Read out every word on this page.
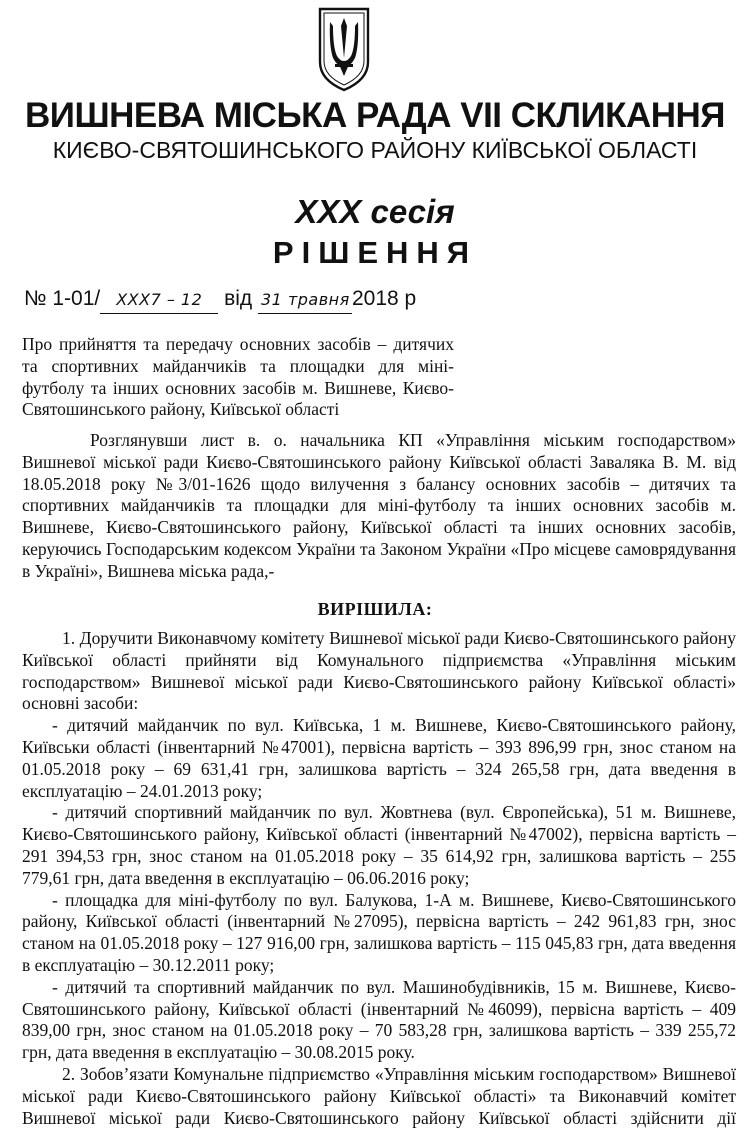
ВИШНЕВА МІСЬКА РАДА VII СКЛИКАННЯ
КИЄВО-СВЯТОШИНСЬКОГО РАЙОНУ КИЇВСЬКОЇ ОБЛАСТІ
XXX сесія
РІШЕННЯ
№ 1-01/ XXX7 – 12 від 31 травня 2018 р
Про прийняття та передачу основних засобів – дитячих та спортивних майданчиків та площадки для міні-футболу та інших основних засобів м. Вишневе, Києво-Святошинського району, Київської області

Розглянувши лист в. о. начальника КП «Управління міським господарством» Вишневої міської ради Києво-Святошинського району Київської області Заваляка В. М. від 18.05.2018 року №3/01-1626 щодо вилучення з балансу основних засобів – дитячих та спортивних майданчиків та площадки для міні-футболу та інших основних засобів м. Вишневе, Києво-Святошинського району, Київської області та інших основних засобів, керуючись Господарським кодексом України та Законом України «Про місцеве самоврядування в Україні», Вишнева міська рада,-

ВИРІШИЛА:

1. Доручити Виконавчому комітету Вишневої міської ради Києво-Святошинського району Київської області прийняти від Комунального підприємства «Управління міським господарством» Вишневої міської ради Києво-Святошинського району Київської області» основні засоби:

- дитячий майданчик по вул. Київська, 1 м. Вишневе, Києво-Святошинського району, Київськи області (інвентарний №47001), первісна вартість – 393 896,99 грн, знос станом на 01.05.2018 року – 69 631,41 грн, залишкова вартість – 324 265,58 грн, дата введення в експлуатацію – 24.01.2013 року;

- дитячий спортивний майданчик по вул. Жовтнева (вул. Європейська), 51 м. Вишневе, Києво-Святошинського району, Київської області (інвентарний №47002), первісна вартість – 291 394,53 грн, знос станом на 01.05.2018 року – 35 614,92 грн, залишкова вартість – 255 779,61 грн, дата введення в експлуатацію – 06.06.2016 року;

- площадка для міні-футболу по вул. Балукова, 1-А м. Вишневе, Києво-Святошинського району, Київської області (інвентарний №27095), первісна вартість – 242 961,83 грн, знос станом на 01.05.2018 року – 127 916,00 грн, залишкова вартість – 115 045,83 грн, дата введення в експлуатацію – 30.12.2011 року;

- дитячий та спортивний майданчик по вул. Машинобудівників, 15 м. Вишневе, Києво-Святошинського району, Київської області (інвентарний №46099), первісна вартість – 409 839,00 грн, знос станом на 01.05.2018 року – 70 583,28 грн, залишкова вартість – 339 255,72 грн, дата введення в експлуатацію – 30.08.2015 року.

2. Зобов’язати Комунальне підприємство «Управління міським господарством» Вишневої міської ради Києво-Святошинського району Київської області» та Виконавчий комітет Вишневої міської ради Києво-Святошинського району Київської області здійснити дії
